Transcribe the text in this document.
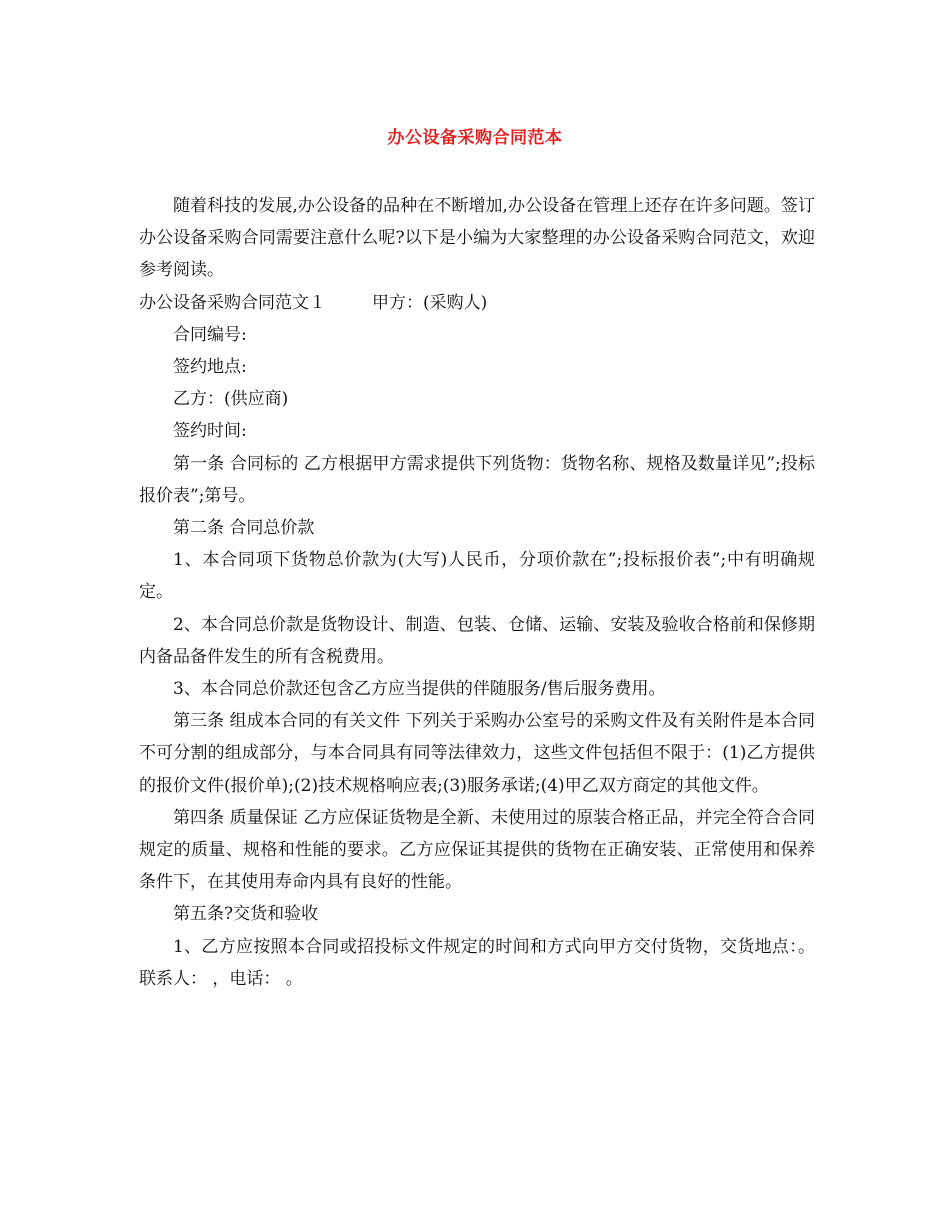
办公设备采购合同范本

随着科技的发展,办公设备的品种在不断增加,办公设备在管理上还存在许多问题。签订办公设备采购合同需要注意什么呢?以下是小编为大家整理的办公设备采购合同范文，欢迎参考阅读。

办公设备采购合同范文１	甲方：(采购人)

合同编号:

签约地点:

乙方：(供应商)

签约时间:

第一条 合同标的 乙方根据甲方需求提供下列货物：货物名称、规格及数量详见”;投标报价表”;第号。

第二条 合同总价款

1、本合同项下货物总价款为(大写)人民币，分项价款在”;投标报价表”;中有明确规定。

2、本合同总价款是货物设计、制造、包装、仓储、运输、安装及验收合格前和保修期内备品备件发生的所有含税费用。

3、本合同总价款还包含乙方应当提供的伴随服务/售后服务费用。

第三条 组成本合同的有关文件 下列关于采购办公室号的采购文件及有关附件是本合同不可分割的组成部分，与本合同具有同等法律效力，这些文件包括但不限于：(1)乙方提供的报价文件(报价单);(2)技术规格响应表;(3)服务承诺;(4)甲乙双方商定的其他文件。

第四条 质量保证 乙方应保证货物是全新、未使用过的原装合格正品，并完全符合合同规定的质量、规格和性能的要求。乙方应保证其提供的货物在正确安装、正常使用和保养条件下，在其使用寿命内具有良好的性能。

第五条?交货和验收

1、乙方应按照本合同或招投标文件规定的时间和方式向甲方交付货物，交货地点：。联系人： ，电话： 。
